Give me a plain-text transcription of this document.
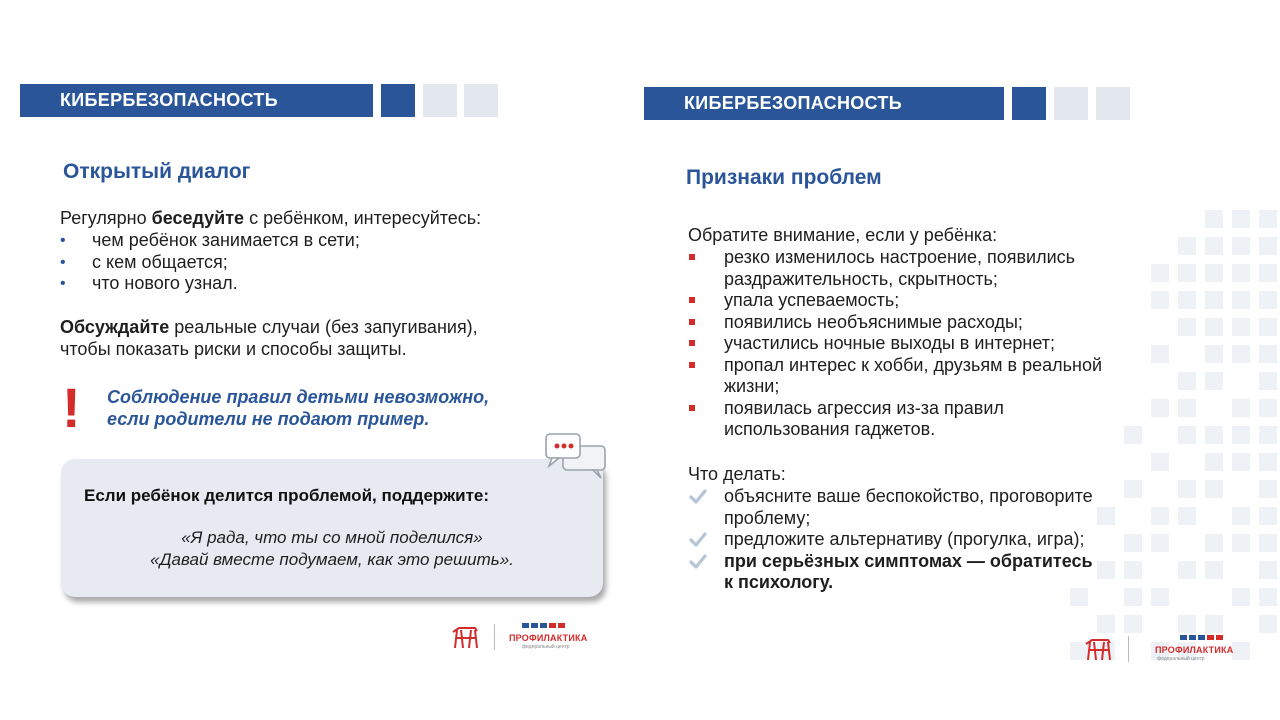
КИБЕРБЕЗОПАСНОСТЬ
Открытый диалог
Регулярно беседуйте с ребёнком, интересуйтесь:
• чем ребёнок занимается в сети;
• с кем общается;
• что нового узнал.
Обсуждайте реальные случаи (без запугивания),
чтобы показать риски и способы защиты.
! Соблюдение правил детьми невозможно,
если родители не подают пример.
Если ребёнок делится проблемой, поддержите:
«Я рада, что ты со мной поделился»
«Давай вместе подумаем, как это решить».
ПРОФИЛАКТИКА
федеральный центр
КИБЕРБЕЗОПАСНОСТЬ
Признаки проблем
Обратите внимание, если у ребёнка:
резко изменилось настроение, появились
раздражительность, скрытность;
упала успеваемость;
появились необъяснимые расходы;
участились ночные выходы в интернет;
пропал интерес к хобби, друзьям в реальной
жизни;
появилась агрессия из-за правил
использования гаджетов.
Что делать:
объясните ваше беспокойство, проговорите
проблему;
предложите альтернативу (прогулка, игра);
при серьёзных симптомах — обратитесь
к психологу.
ПРОФИЛАКТИКА
федеральный центр
